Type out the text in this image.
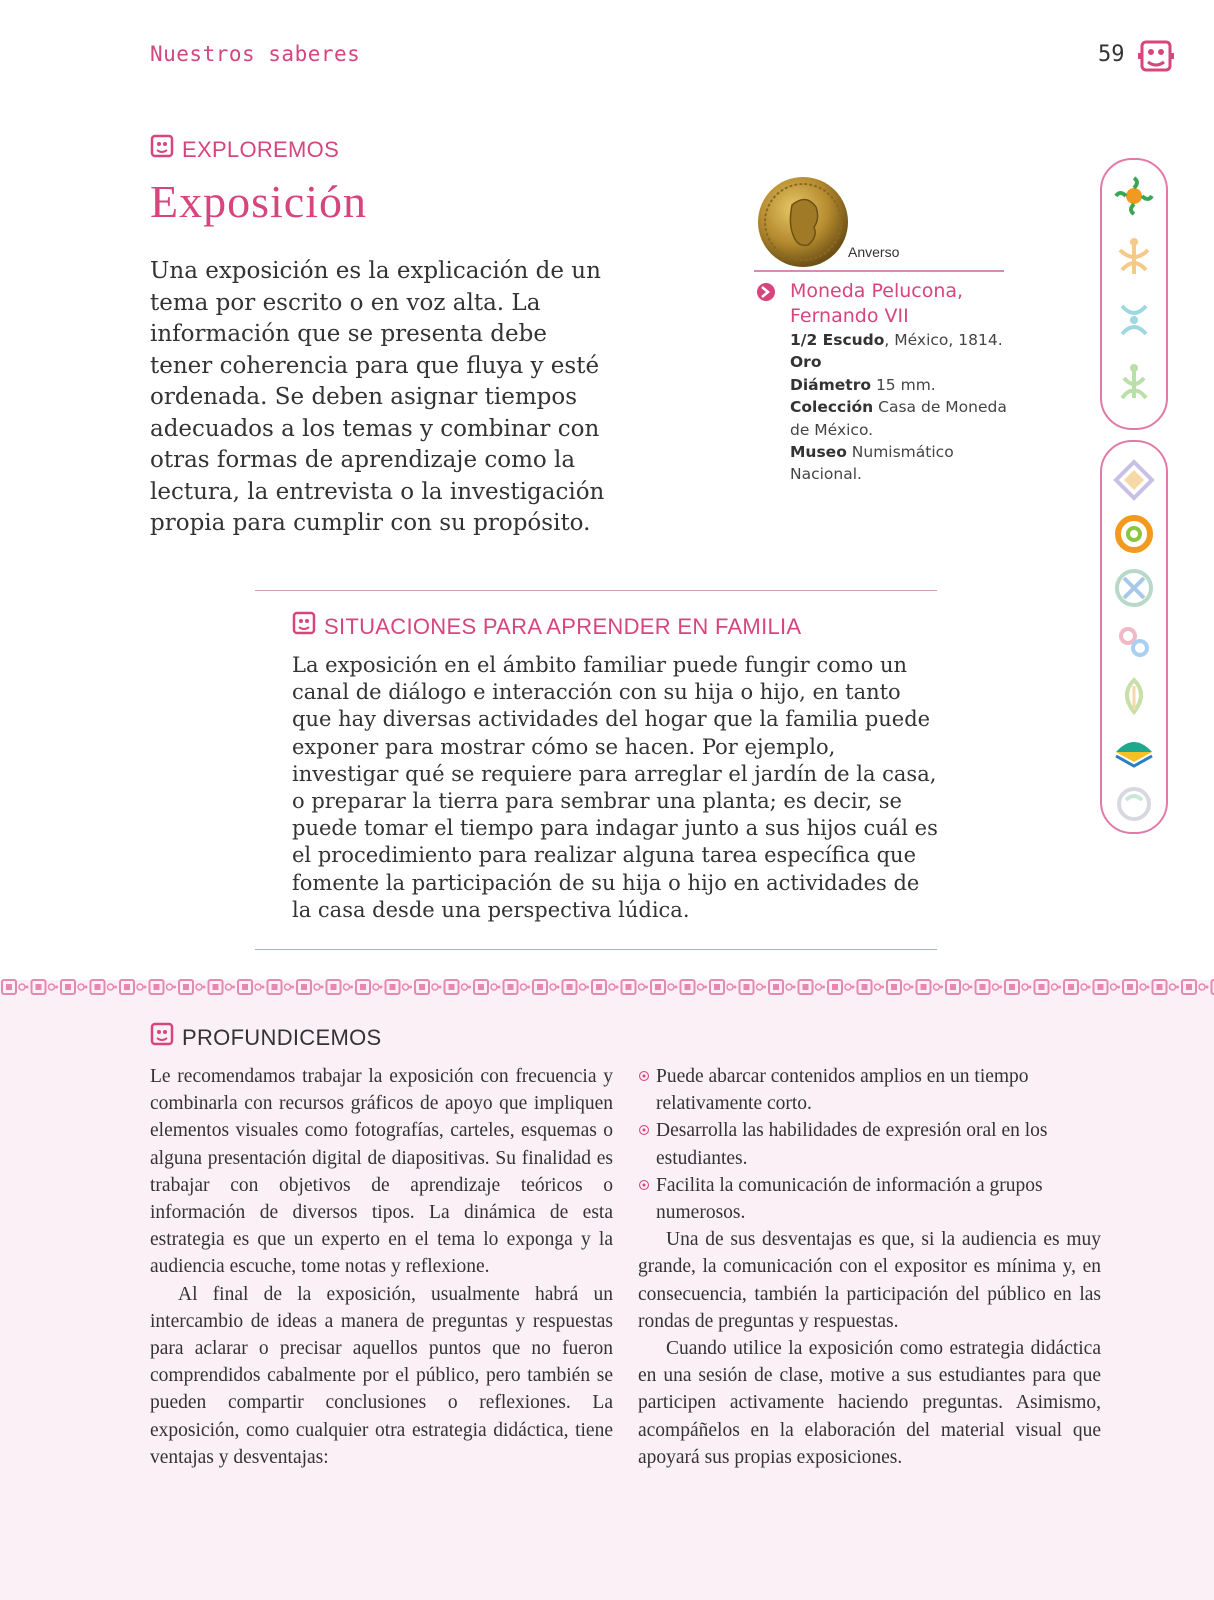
Nuestros saberes	59
EXPLOREMOS
Exposición
Una exposición es la explicación de un tema por escrito o en voz alta. La información que se presenta debe tener coherencia para que fluya y esté ordenada. Se deben asignar tiempos adecuados a los temas y combinar con otras formas de aprendizaje como la lectura, la entrevista o la investigación propia para cumplir con su propósito.
Anverso
Moneda Pelucona, Fernando VII
1/2 Escudo, México, 1814.
Oro
Diámetro 15 mm.
Colección Casa de Moneda de México.
Museo Numismático Nacional.
SITUACIONES PARA APRENDER EN FAMILIA
La exposición en el ámbito familiar puede fungir como un canal de diálogo e interacción con su hija o hijo, en tanto que hay diversas actividades del hogar que la familia puede exponer para mostrar cómo se hacen. Por ejemplo, investigar qué se requiere para arreglar el jardín de la casa, o preparar la tierra para sembrar una planta; es decir, se puede tomar el tiempo para indagar junto a sus hijos cuál es el procedimiento para realizar alguna tarea específica que fomente la participación de su hija o hijo en actividades de la casa desde una perspectiva lúdica.
PROFUNDICEMOS

Le recomendamos trabajar la exposición con frecuencia y combinarla con recursos gráficos de apoyo que impliquen elementos visuales como fotografías, carteles, esquemas o alguna presentación digital de diapositivas. Su finalidad es trabajar con objetivos de aprendizaje teóricos o información de diversos tipos. La dinámica de esta estrategia es que un experto en el tema lo exponga y la audiencia escuche, tome notas y reflexione.

Al final de la exposición, usualmente habrá un intercambio de ideas a manera de preguntas y respuestas para aclarar o precisar aquellos puntos que no fueron comprendidos cabalmente por el público, pero también se pueden compartir conclusiones o reflexiones. La exposición, como cualquier otra estrategia didáctica, tiene ventajas y desventajas:

Puede abarcar contenidos amplios en un tiempo relativamente corto.

Desarrolla las habilidades de expresión oral en los estudiantes.

Facilita la comunicación de información a grupos numerosos.

Una de sus desventajas es que, si la audiencia es muy grande, la comunicación con el expositor es mínima y, en consecuencia, también la participación del público en las rondas de preguntas y respuestas.

Cuando utilice la exposición como estrategia didáctica en una sesión de clase, motive a sus estudiantes para que participen activamente haciendo preguntas. Asimismo, acompáñelos en la elaboración del material visual que apoyará sus propias exposiciones.
